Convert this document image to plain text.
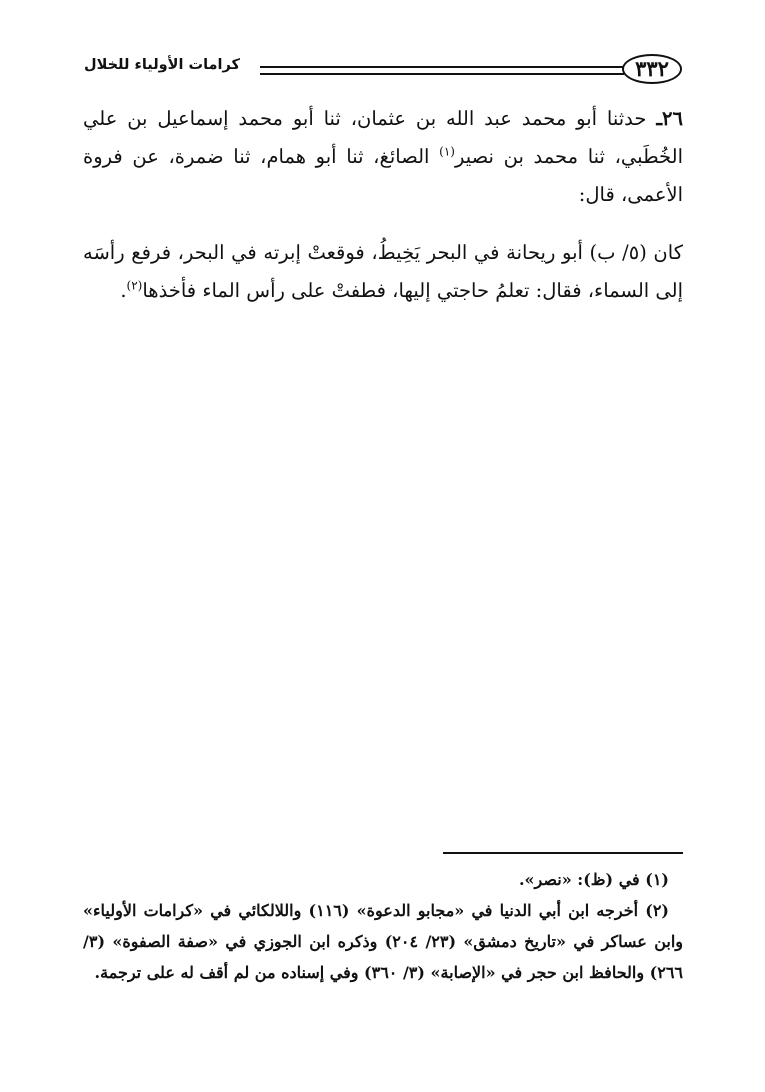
٣٣٢
كرامات الأولياء للخلال

٢٦ـ حدثنا أبو محمد عبد الله بن عثمان، ثنا أبو محمد إسماعيل بن علي الخُطَبي، ثنا محمد بن نصير$^{(١)}$ الصائغ، ثنا أبو همام، ثنا ضمرة، عن فروة الأعمى، قال:

كان (٥/ ب) أبو ريحانة في البحر يَخِيطُ، فوقعتْ إبرته في البحر، فرفع رأسَه إلى السماء، فقال: تعلمُ حاجتي إليها، فطفتْ على رأس الماء فأخذها$^{(٢)}$.

(١) في (ظ): «نصر».

(٢) أخرجه ابن أبي الدنيا في «مجابو الدعوة» (١١٦) واللالكائي في «كرامات الأولياء» وابن عساكر في «تاريخ دمشق» (٢٣/ ٢٠٤) وذكره ابن الجوزي في «صفة الصفوة» (٣/ ٢٦٦) والحافظ ابن حجر في «الإصابة» (٣/ ٣٦٠) وفي إسناده من لم أقف له على ترجمة.
